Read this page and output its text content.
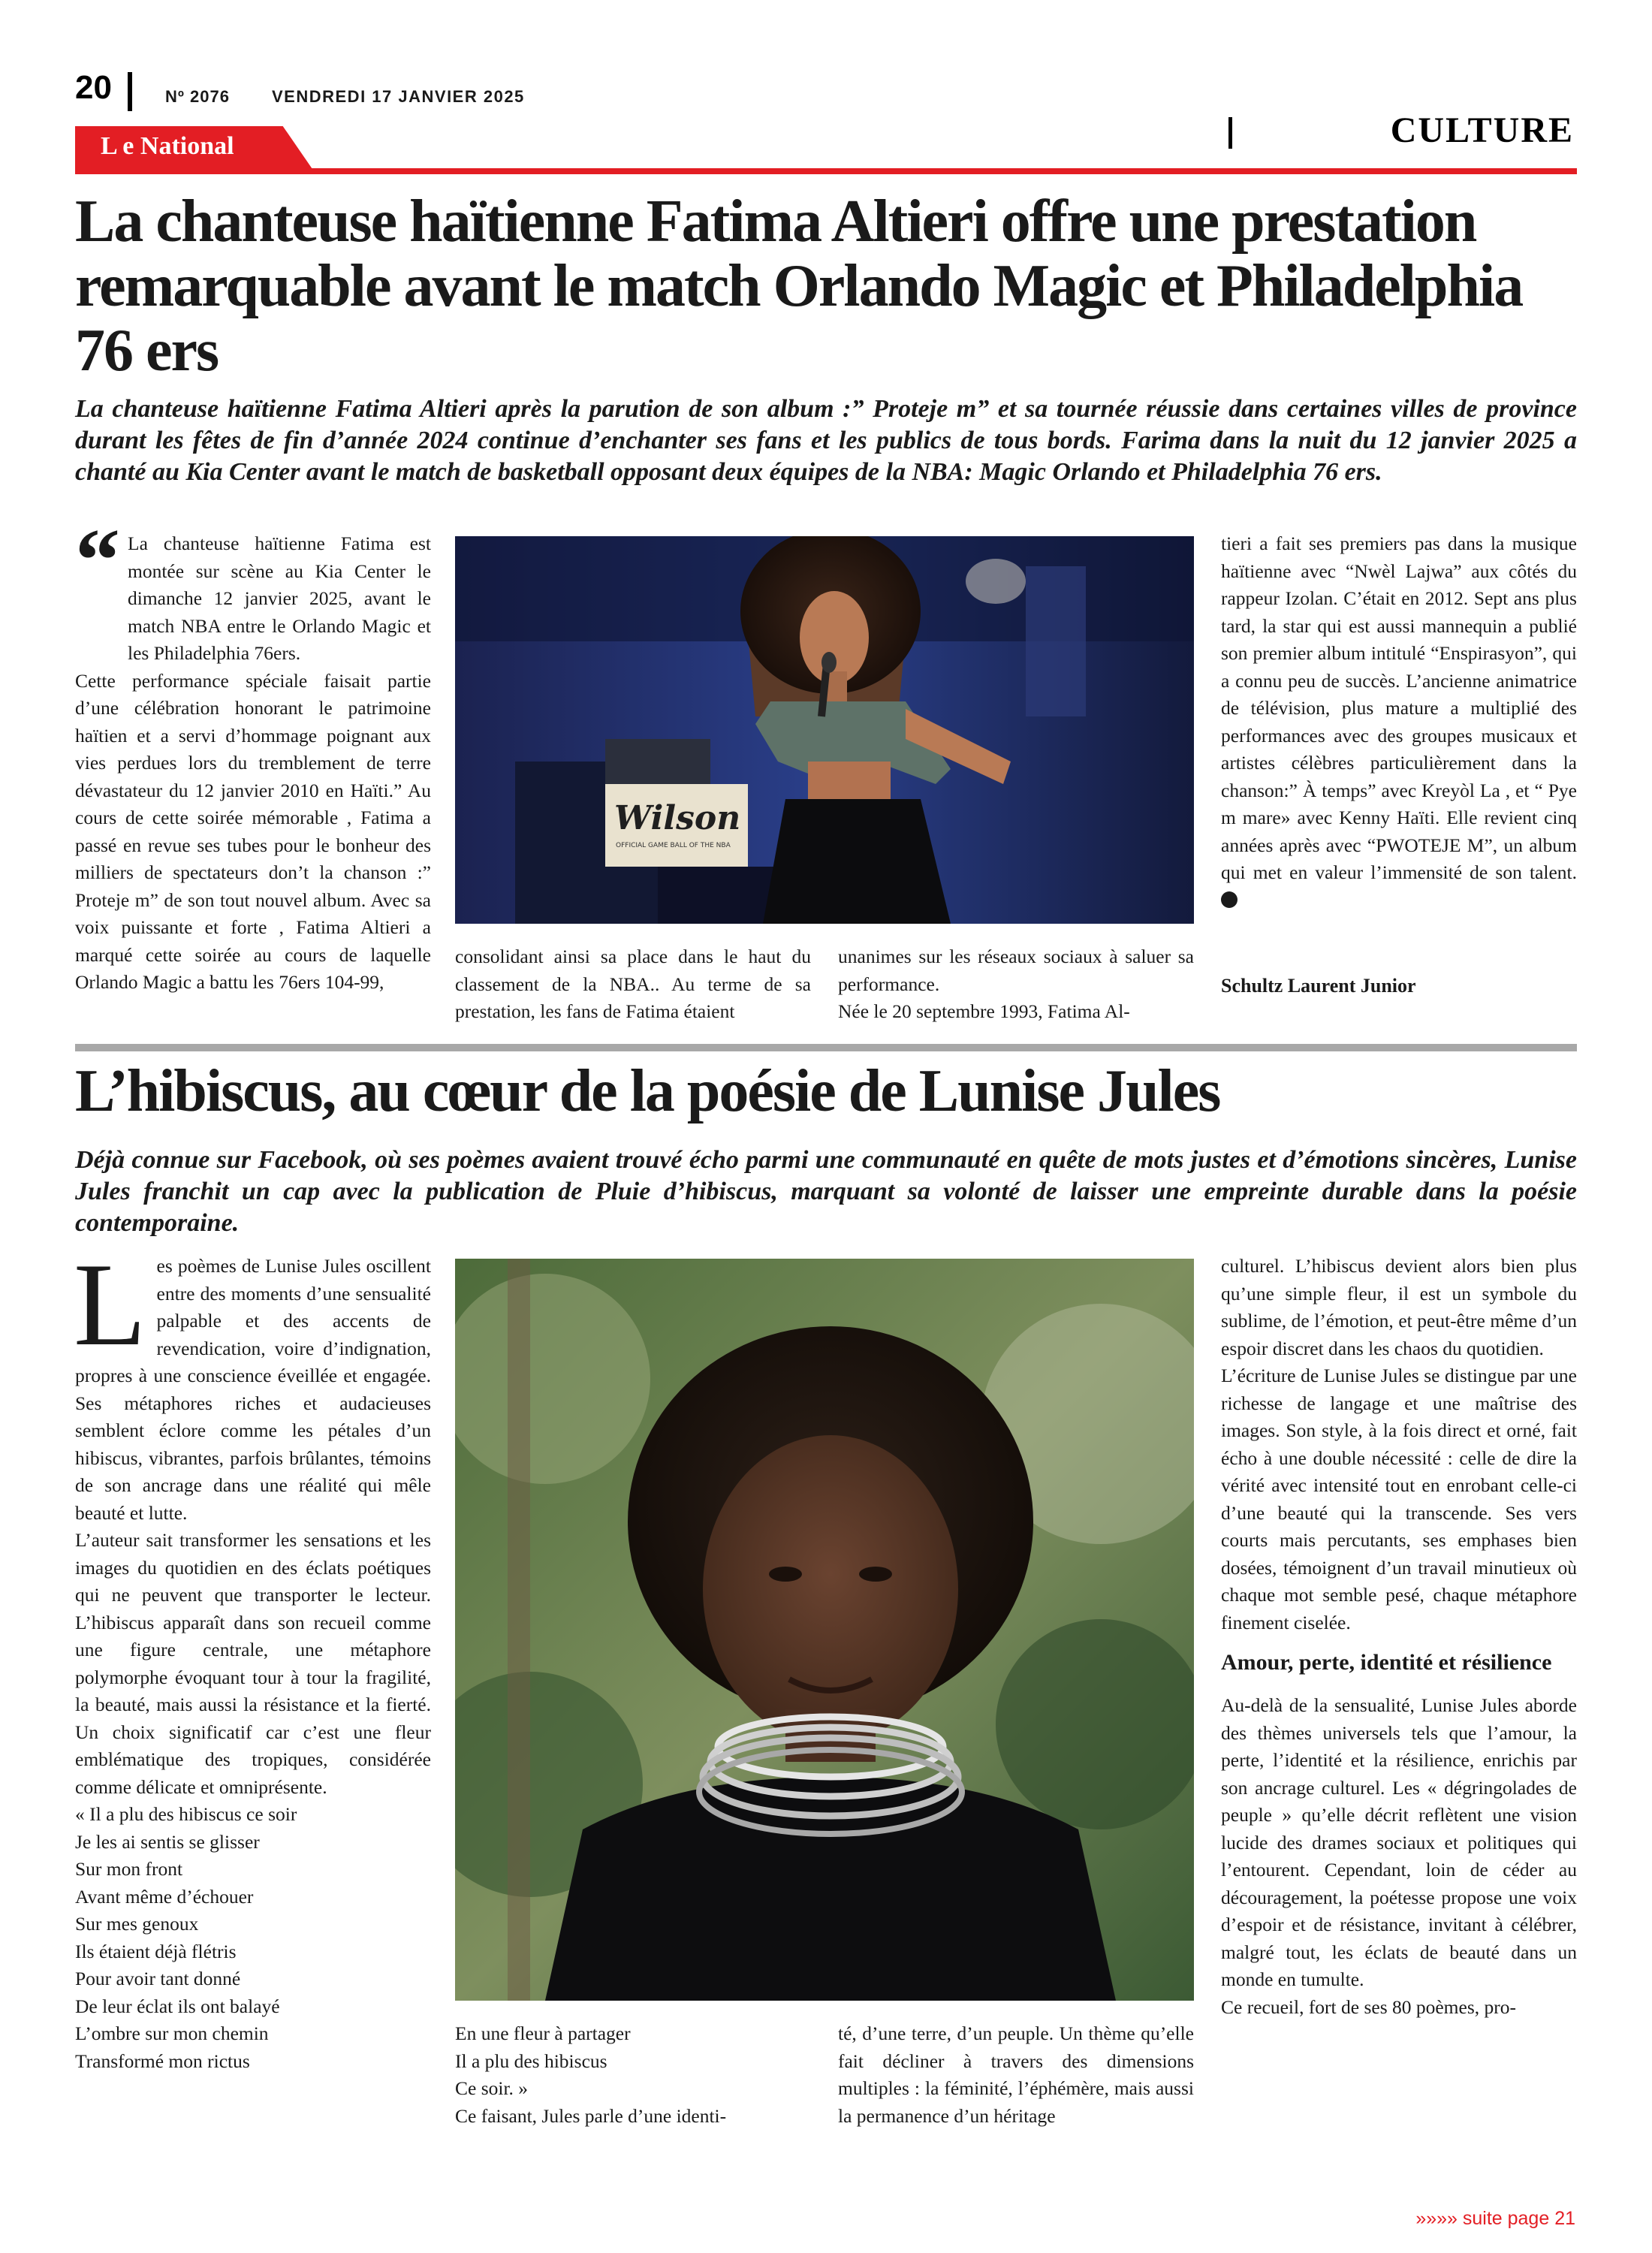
20	Nº 2076	VENDREDI 17 JANVIER 2025
CULTURE
L e National
La chanteuse haïtienne Fatima Altieri offre une prestation remarquable avant le match Orlando Magic et Philadelphia 76 ers
La chanteuse haïtienne Fatima Altieri après la parution de son album :” Proteje m” et sa tournée réussie dans certaines villes de province durant les fêtes de fin d’année 2024 continue d’enchanter ses fans et les publics de tous bords. Farima dans la nuit du 12 janvier 2025 a chanté au Kia Center avant le match de basketball opposant deux équipes de la NBA: Magic Orlando et Philadelphia 76 ers.
“ La chanteuse haïtienne Fatima est montée sur scène au Kia Center le dimanche 12 janvier 2025, avant le match NBA entre le Orlando Magic et les Philadelphia 76ers.

Cette performance spéciale faisait partie d’une célébration honorant le patrimoine haïtien et a servi d’hommage poignant aux vies perdues lors du tremblement de terre dévastateur du 12 janvier 2010 en Haïti.” Au cours de cette soirée mémorable , Fatima a passé en revue ses tubes pour le bonheur des milliers de spectateurs don’t la chanson :” Proteje m” de son tout nouvel album. Avec sa voix puissante et forte , Fatima Altieri a marqué cette soirée au cours de laquelle Orlando Magic a battu les 76ers 104-99,

Wilson
OFFICIAL GAME BALL OF THE NBA
consolidant ainsi sa place dans le haut du classement de la NBA.. Au terme de sa prestation, les fans de Fatima étaient
unanimes sur les réseaux sociaux à saluer sa performance.
Née le 20 septembre 1993, Fatima Al-

tieri a fait ses premiers pas dans la musique haïtienne avec “Nwèl Lajwa” aux côtés du rappeur Izolan. C’était en 2012. Sept ans plus tard, la star qui est aussi mannequin a publié son premier album intitulé “Enspirasyon”, qui a connu peu de succès. L’ancienne animatrice de télévision, plus mature a multiplié des performances avec des groupes musicaux et artistes célèbres particulièrement dans la chanson:” À temps” avec Kreyòl La , et “ Pye m mare» avec Kenny Haïti. Elle revient cinq années après avec “PWOTEJE M”, un album qui met en valeur l’immensité de son talent.

Schultz Laurent Junior
L’hibiscus, au cœur de la poésie de Lunise Jules
Déjà connue sur Facebook, où ses poèmes avaient trouvé écho parmi une communauté en quête de mots justes et d’émotions sincères, Lunise Jules franchit un cap avec la publication de Pluie d’hibiscus, marquant sa volonté de laisser une empreinte durable dans la poésie contemporaine.

Les poèmes de Lunise Jules oscillent entre des moments d’une sensualité palpable et des accents de revendication, voire d’indignation, propres à une conscience éveillée et engagée. Ses métaphores riches et audacieuses semblent éclore comme les pétales d’un hibiscus, vibrantes, parfois brûlantes, témoins de son ancrage dans une réalité qui mêle beauté et lutte.

L’auteur sait transformer les sensations et les images du quotidien en des éclats poétiques qui ne peuvent que transporter le lecteur. L’hibiscus apparaît dans son recueil comme une figure centrale, une métaphore polymorphe évoquant tour à tour la fragilité, la beauté, mais aussi la résistance et la fierté. Un choix significatif car c’est une fleur emblématique des tropiques, considérée comme délicate et omniprésente.

« Il a plu des hibiscus ce soir
Je les ai sentis se glisser
Sur mon front
Avant même d’échouer
Sur mes genoux
Ils étaient déjà flétris
Pour avoir tant donné
De leur éclat ils ont balayé
L’ombre sur mon chemin
Transformé mon rictus
En une fleur à partager
Il a plu des hibiscus
Ce soir. »

Ce faisant, Jules parle d’une identi-

té, d’une terre, d’un peuple. Un thème qu’elle fait décliner à travers des dimensions multiples : la féminité, l’éphémère, mais aussi la permanence d’un héritage

culturel. L’hibiscus devient alors bien plus qu’une simple fleur, il est un symbole du sublime, de l’émotion, et peut-être même d’un espoir discret dans les chaos du quotidien.

L’écriture de Lunise Jules se distingue par une richesse de langage et une maîtrise des images. Son style, à la fois direct et orné, fait écho à une double nécessité : celle de dire la vérité avec intensité tout en enrobant celle-ci d’une beauté qui la transcende. Ses vers courts mais percutants, ses emphases bien dosées, témoignent d’un travail minutieux où chaque mot semble pesé, chaque métaphore finement ciselée.

Amour, perte, identité et résilience

Au-delà de la sensualité, Lunise Jules aborde des thèmes universels tels que l’amour, la perte, l’identité et la résilience, enrichis par son ancrage culturel. Les « dégringolades de peuple » qu’elle décrit reflètent une vision lucide des drames sociaux et politiques qui l’entourent. Cependant, loin de céder au découragement, la poétesse propose une voix d’espoir et de résistance, invitant à célébrer, malgré tout, les éclats de beauté dans un monde en tumulte.

Ce recueil, fort de ses 80 poèmes, pro-

»»»» suite page 21
